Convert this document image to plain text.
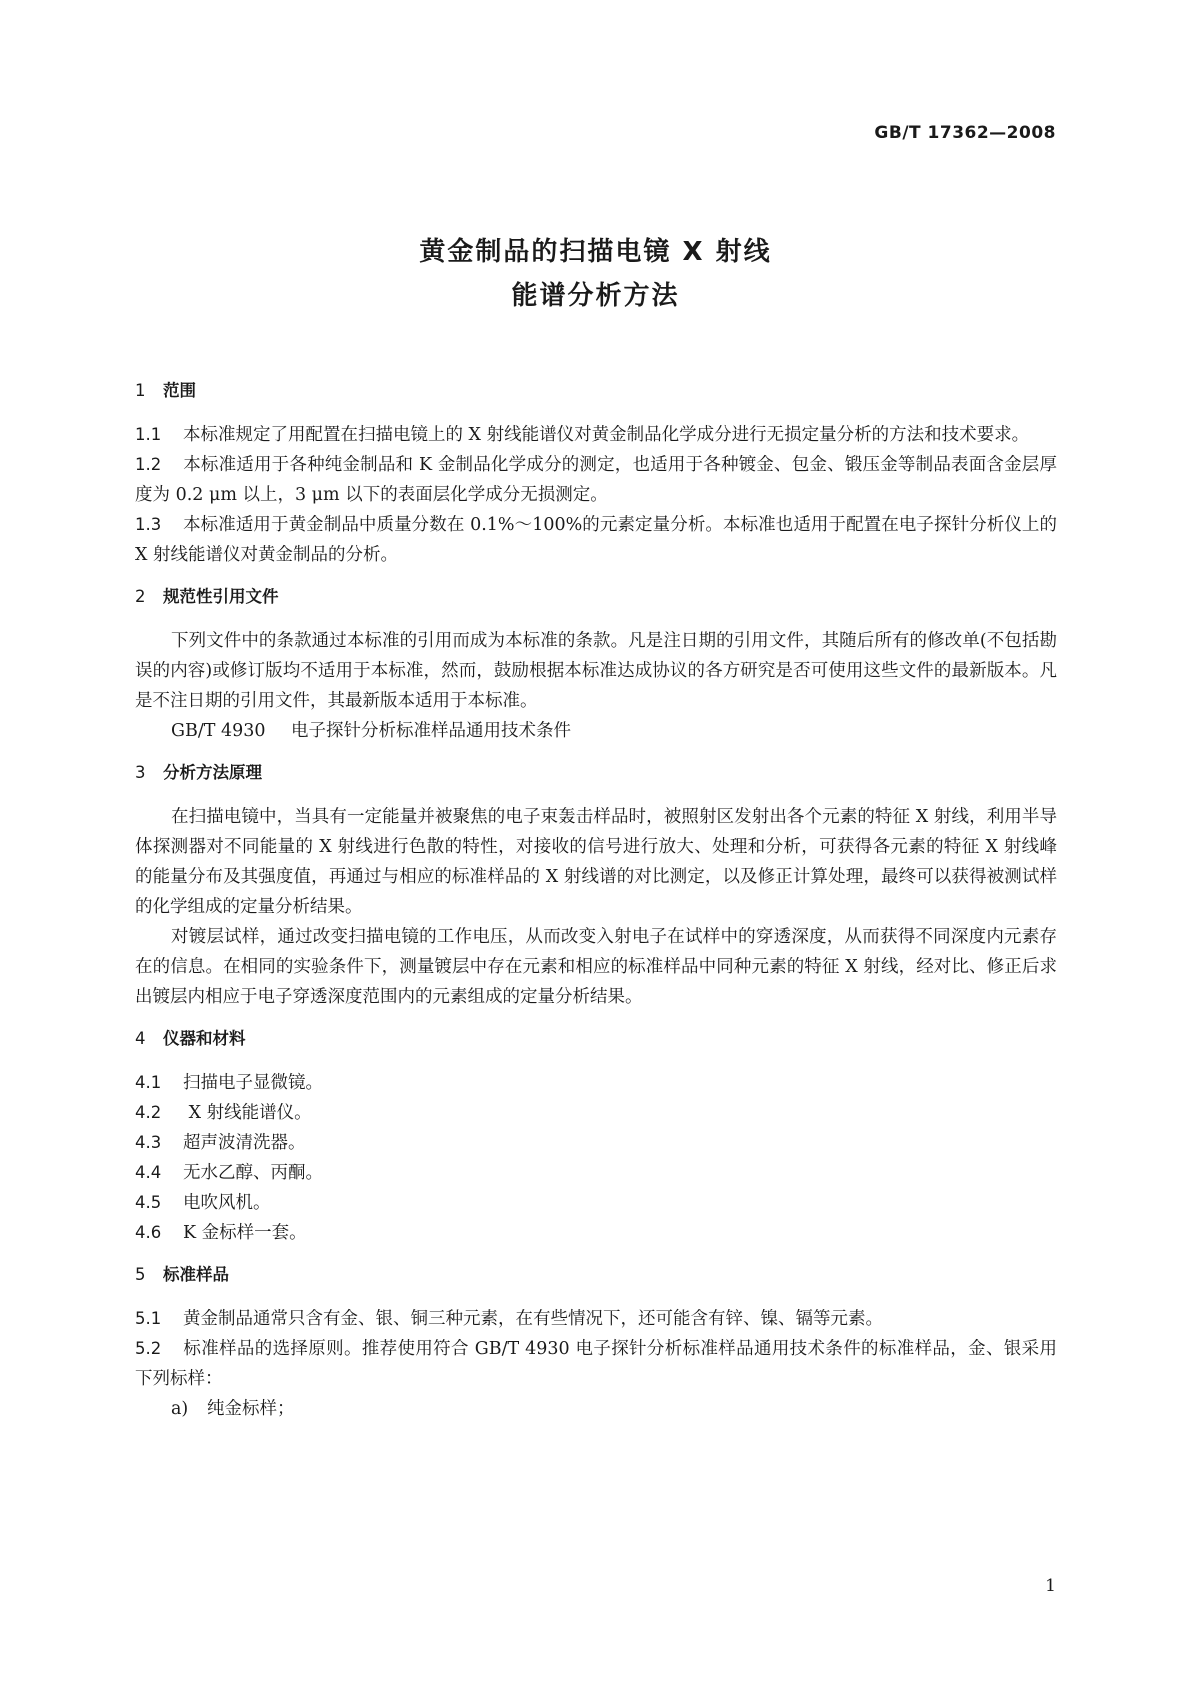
GB/T 17362—2008
黄金制品的扫描电镜 X 射线
能谱分析方法
1 范围

1.1 本标准规定了用配置在扫描电镜上的 X 射线能谱仪对黄金制品化学成分进行无损定量分析的方法和技术要求。

1.2 本标准适用于各种纯金制品和 K 金制品化学成分的测定，也适用于各种镀金、包金、锻压金等制品表面含金层厚度为 0.2 μm 以上，3 μm 以下的表面层化学成分无损测定。

1.3 本标准适用于黄金制品中质量分数在 0.1%～100%的元素定量分析。本标准也适用于配置在电子探针分析仪上的 X 射线能谱仪对黄金制品的分析。

2 规范性引用文件

下列文件中的条款通过本标准的引用而成为本标准的条款。凡是注日期的引用文件，其随后所有的修改单(不包括勘误的内容)或修订版均不适用于本标准，然而，鼓励根据本标准达成协议的各方研究是否可使用这些文件的最新版本。凡是不注日期的引用文件，其最新版本适用于本标准。

GB/T 4930 电子探针分析标准样品通用技术条件

3 分析方法原理

在扫描电镜中，当具有一定能量并被聚焦的电子束轰击样品时，被照射区发射出各个元素的特征 X 射线，利用半导体探测器对不同能量的 X 射线进行色散的特性，对接收的信号进行放大、处理和分析，可获得各元素的特征 X 射线峰的能量分布及其强度值，再通过与相应的标准样品的 X 射线谱的对比测定，以及修正计算处理，最终可以获得被测试样的化学组成的定量分析结果。

对镀层试样，通过改变扫描电镜的工作电压，从而改变入射电子在试样中的穿透深度，从而获得不同深度内元素存在的信息。在相同的实验条件下，测量镀层中存在元素和相应的标准样品中同种元素的特征 X 射线，经对比、修正后求出镀层内相应于电子穿透深度范围内的元素组成的定量分析结果。

4 仪器和材料

4.1 扫描电子显微镜。

4.2 X 射线能谱仪。

4.3 超声波清洗器。

4.4 无水乙醇、丙酮。

4.5 电吹风机。

4.6 K 金标样一套。

5 标准样品

5.1 黄金制品通常只含有金、银、铜三种元素，在有些情况下，还可能含有锌、镍、镉等元素。

5.2 标准样品的选择原则。推荐使用符合 GB/T 4930 电子探针分析标准样品通用技术条件的标准样品，金、银采用下列标样：

a) 纯金标样；

1
